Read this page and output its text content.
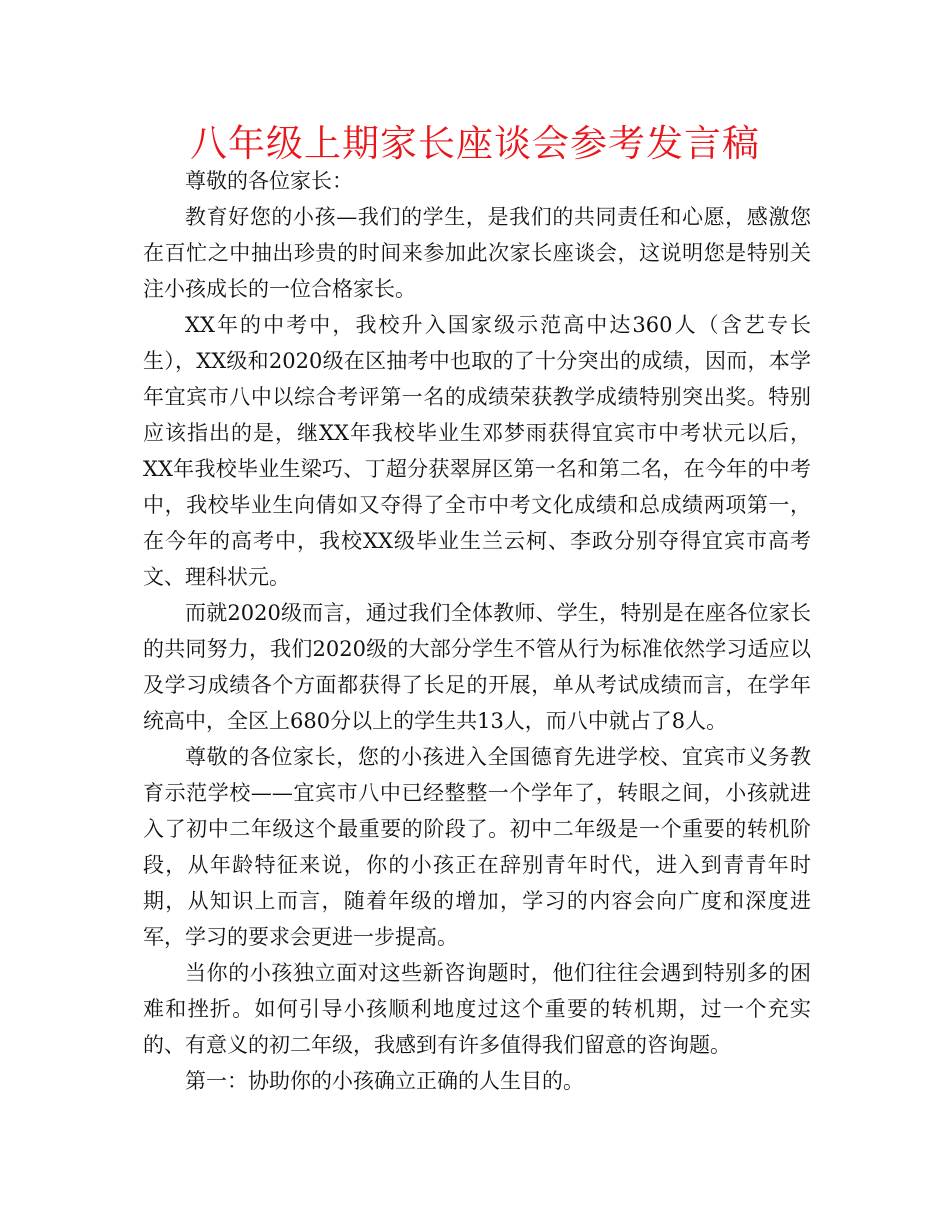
八年级上期家长座谈会参考发言稿

尊敬的各位家长：

教育好您的小孩—我们的学生，是我们的共同责任和心愿，感激您在百忙之中抽出珍贵的时间来参加此次家长座谈会，这说明您是特别关注小孩成长的一位合格家长。

XX年的中考中，我校升入国家级示范高中达360人（含艺专长生），XX级和2020级在区抽考中也取的了十分突出的成绩，因而，本学年宜宾市八中以综合考评第一名的成绩荣获教学成绩特别突出奖。特别应该指出的是，继XX年我校毕业生邓梦雨获得宜宾市中考状元以后，XX年我校毕业生梁巧、丁超分获翠屏区第一名和第二名，在今年的中考中，我校毕业生向倩如又夺得了全市中考文化成绩和总成绩两项第一，在今年的高考中，我校XX级毕业生兰云柯、李政分别夺得宜宾市高考文、理科状元。

而就2020级而言，通过我们全体教师、学生，特别是在座各位家长的共同努力，我们2020级的大部分学生不管从行为标准依然学习适应以及学习成绩各个方面都获得了长足的开展，单从考试成绩而言，在学年统高中，全区上680分以上的学生共13人，而八中就占了8人。

尊敬的各位家长，您的小孩进入全国德育先进学校、宜宾市义务教育示范学校——宜宾市八中已经整整一个学年了，转眼之间，小孩就进入了初中二年级这个最重要的阶段了。初中二年级是一个重要的转机阶段，从年龄特征来说，你的小孩正在辞别青年时代，进入到青青年时期，从知识上而言，随着年级的增加，学习的内容会向广度和深度进军，学习的要求会更进一步提高。

当你的小孩独立面对这些新咨询题时，他们往往会遇到特别多的困难和挫折。如何引导小孩顺利地度过这个重要的转机期，过一个充实的、有意义的初二年级，我感到有许多值得我们留意的咨询题。

第一：协助你的小孩确立正确的人生目的。
